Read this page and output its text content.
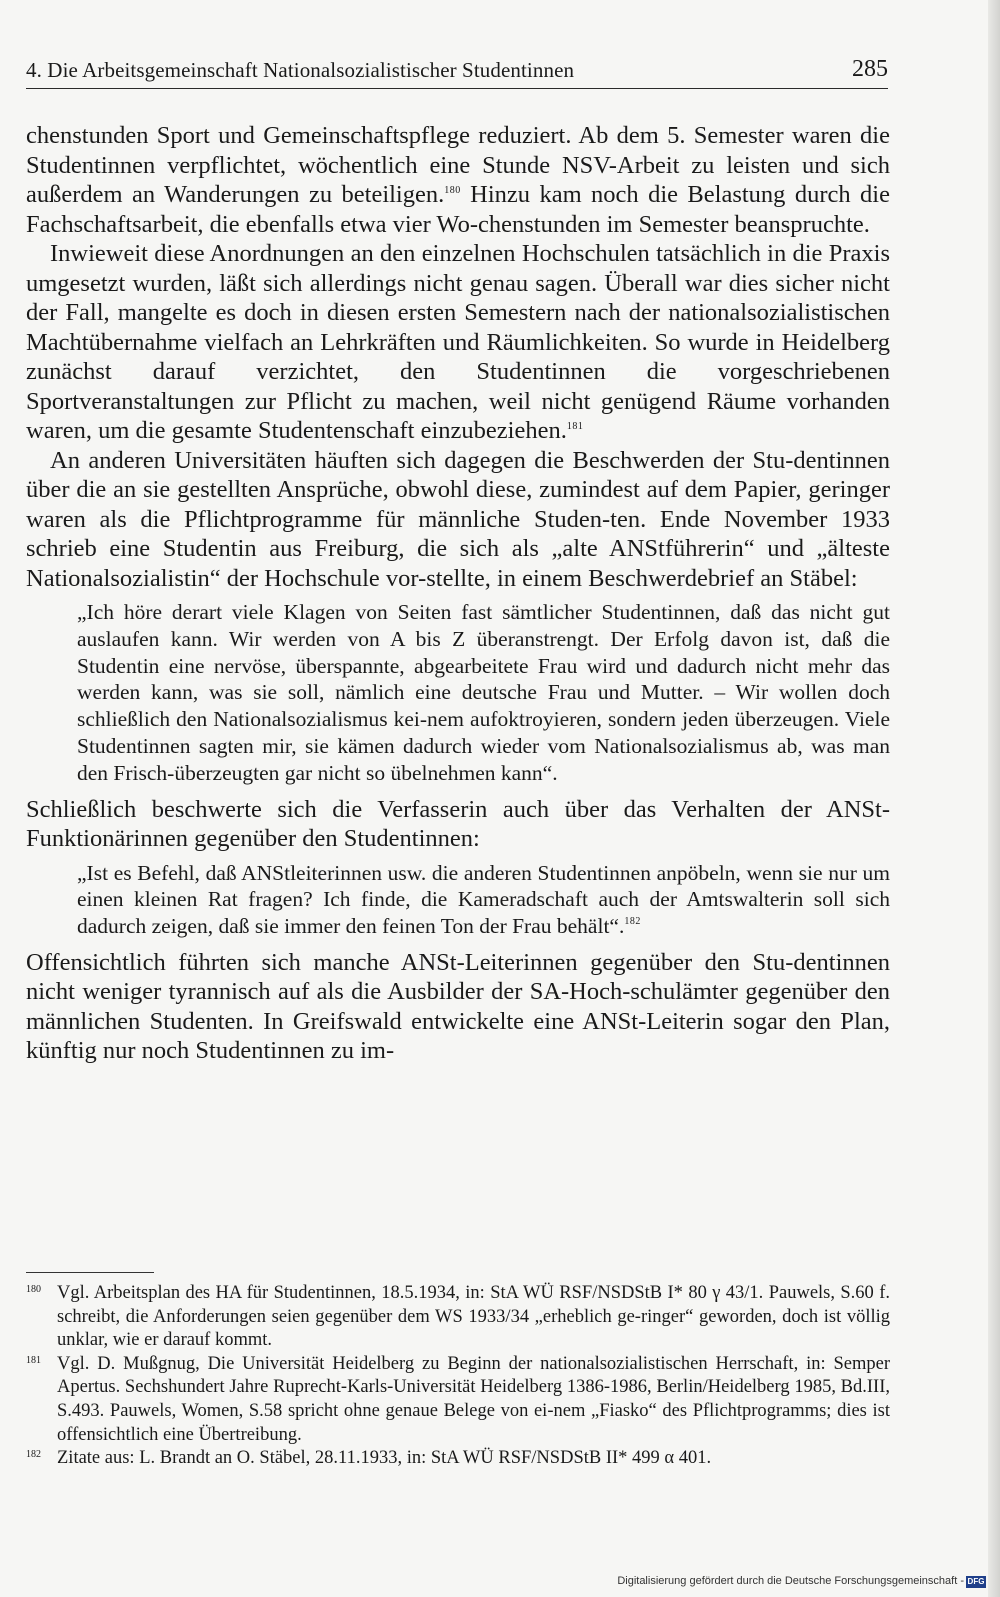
4. Die Arbeitsgemeinschaft Nationalsozialistischer Studentinnen	285

chenstunden Sport und Gemeinschaftspflege reduziert. Ab dem 5. Semester waren die Studentinnen verpflichtet, wöchentlich eine Stunde NSV-Arbeit zu leisten und sich außerdem an Wanderungen zu beteiligen.$^{180}$ Hinzu kam noch die Belastung durch die Fachschaftsarbeit, die ebenfalls etwa vier Wo-chenstunden im Semester beanspruchte.

Inwieweit diese Anordnungen an den einzelnen Hochschulen tatsächlich in die Praxis umgesetzt wurden, läßt sich allerdings nicht genau sagen. Überall war dies sicher nicht der Fall, mangelte es doch in diesen ersten Semestern nach der nationalsozialistischen Machtübernahme vielfach an Lehrkräften und Räumlichkeiten. So wurde in Heidelberg zunächst darauf verzichtet, den Studentinnen die vorgeschriebenen Sportveranstaltungen zur Pflicht zu machen, weil nicht genügend Räume vorhanden waren, um die gesamte Studentenschaft einzubeziehen.$^{181}$

An anderen Universitäten häuften sich dagegen die Beschwerden der Stu-dentinnen über die an sie gestellten Ansprüche, obwohl diese, zumindest auf dem Papier, geringer waren als die Pflichtprogramme für männliche Studen-ten. Ende November 1933 schrieb eine Studentin aus Freiburg, die sich als „alte ANStführerin“ und „älteste Nationalsozialistin“ der Hochschule vor-stellte, in einem Beschwerdebrief an Stäbel:

„Ich höre derart viele Klagen von Seiten fast sämtlicher Studentinnen, daß das nicht gut auslaufen kann. Wir werden von A bis Z überanstrengt. Der Erfolg davon ist, daß die Studentin eine nervöse, überspannte, abgearbeitete Frau wird und dadurch nicht mehr das werden kann, was sie soll, nämlich eine deutsche Frau und Mutter. – Wir wollen doch schließlich den Nationalsozialismus kei-nem aufoktroyieren, sondern jeden überzeugen. Viele Studentinnen sagten mir, sie kämen dadurch wieder vom Nationalsozialismus ab, was man den Frisch-überzeugten gar nicht so übelnehmen kann“.

Schließlich beschwerte sich die Verfasserin auch über das Verhalten der ANSt-Funktionärinnen gegenüber den Studentinnen:

„Ist es Befehl, daß ANStleiterinnen usw. die anderen Studentinnen anpöbeln, wenn sie nur um einen kleinen Rat fragen? Ich finde, die Kameradschaft auch der Amtswalterin soll sich dadurch zeigen, daß sie immer den feinen Ton der Frau behält“.$^{182}$

Offensichtlich führten sich manche ANSt-Leiterinnen gegenüber den Stu-dentinnen nicht weniger tyrannisch auf als die Ausbilder der SA-Hoch-schulämter gegenüber den männlichen Studenten. In Greifswald entwickelte eine ANSt-Leiterin sogar den Plan, künftig nur noch Studentinnen zu im-

180 Vgl. Arbeitsplan des HA für Studentinnen, 18.5.1934, in: StA WÜ RSF/NSDStB I* 80 γ 43/1. Pauwels, S.60 f. schreibt, die Anforderungen seien gegenüber dem WS 1933/34 „erheblich ge-ringer“ geworden, doch ist völlig unklar, wie er darauf kommt.

181 Vgl. D. Mußgnug, Die Universität Heidelberg zu Beginn der nationalsozialistischen Herrschaft, in: Semper Apertus. Sechshundert Jahre Ruprecht-Karls-Universität Heidelberg 1386-1986, Berlin/Heidelberg 1985, Bd.III, S.493. Pauwels, Women, S.58 spricht ohne genaue Belege von ei-nem „Fiasko“ des Pflichtprogramms; dies ist offensichtlich eine Übertreibung.

182 Zitate aus: L. Brandt an O. Stäbel, 28.11.1933, in: StA WÜ RSF/NSDStB II* 499 α 401.

Digitalisierung gefördert durch die Deutsche Forschungsgemeinschaft - DFG
